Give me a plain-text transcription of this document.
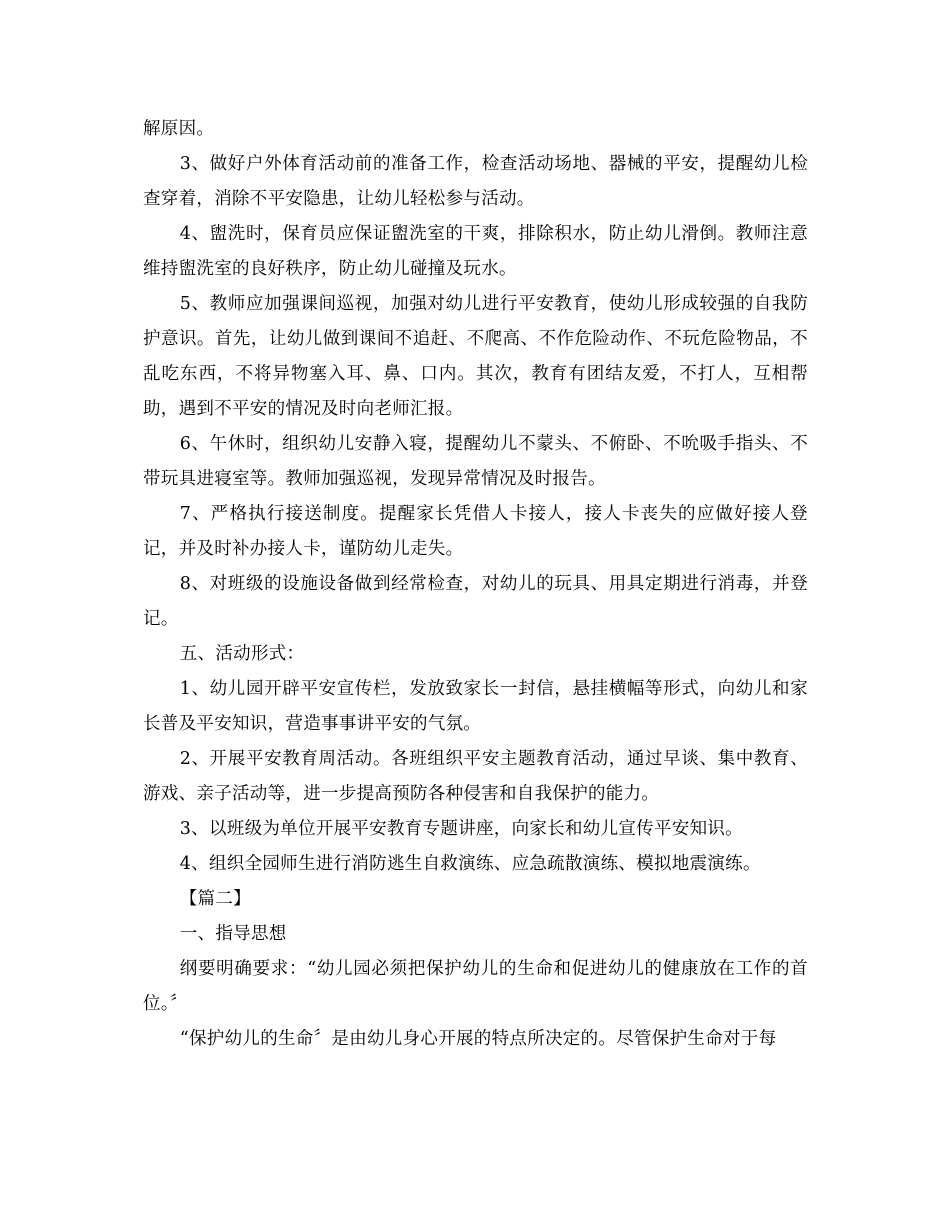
解原因。

3、做好户外体育活动前的准备工作，检查活动场地、器械的平安，提醒幼儿检查穿着，消除不平安隐患，让幼儿轻松参与活动。

4、盥洗时，保育员应保证盥洗室的干爽，排除积水，防止幼儿滑倒。教师注意维持盥洗室的良好秩序，防止幼儿碰撞及玩水。

5、教师应加强课间巡视，加强对幼儿进行平安教育，使幼儿形成较强的自我防护意识。首先，让幼儿做到课间不追赶、不爬高、不作危险动作、不玩危险物品，不乱吃东西，不将异物塞入耳、鼻、口内。其次，教育有团结友爱，不打人，互相帮助，遇到不平安的情况及时向老师汇报。

6、午休时，组织幼儿安静入寝，提醒幼儿不蒙头、不俯卧、不吮吸手指头、不带玩具进寝室等。教师加强巡视，发现异常情况及时报告。

7、严格执行接送制度。提醒家长凭借人卡接人，接人卡丧失的应做好接人登记，并及时补办接人卡，谨防幼儿走失。

8、对班级的设施设备做到经常检查，对幼儿的玩具、用具定期进行消毒，并登记。

五、活动形式：

1、幼儿园开辟平安宣传栏，发放致家长一封信，悬挂横幅等形式，向幼儿和家长普及平安知识，营造事事讲平安的气氛。

2、开展平安教育周活动。各班组织平安主题教育活动，通过早谈、集中教育、游戏、亲子活动等，进一步提高预防各种侵害和自我保护的能力。

3、以班级为单位开展平安教育专题讲座，向家长和幼儿宣传平安知识。

4、组织全园师生进行消防逃生自救演练、应急疏散演练、模拟地震演练。

【篇二】

一、指导思想

纲要明确要求：“幼儿园必须把保护幼儿的生命和促进幼儿的健康放在工作的首位。〞

“保护幼儿的生命〞是由幼儿身心开展的特点所决定的。尽管保护生命对于每
